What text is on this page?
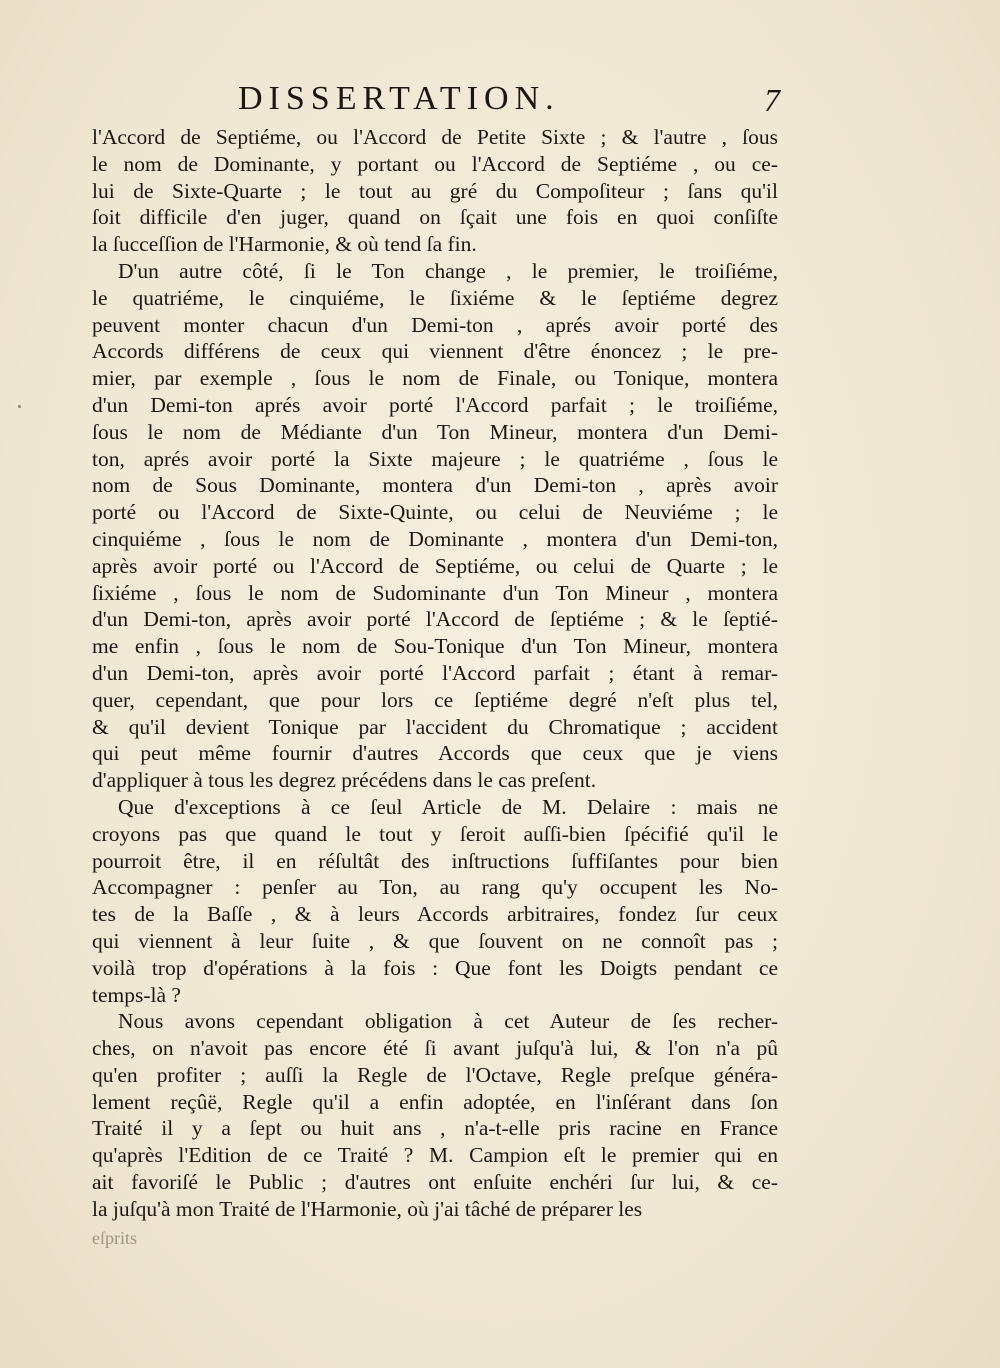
DISSERTATION.	7
l'Accord de Septiéme, ou l'Accord de Petite Sixte ; & l'autre , ſous
le nom de Dominante, y portant ou l'Accord de Septiéme , ou ce-
lui de Sixte-Quarte ; le tout au gré du Compoſiteur ; ſans qu'il
ſoit difficile d'en juger, quand on ſçait une fois en quoi conſiſte
la ſucceſſion de l'Harmonie, & où tend ſa fin.
D'un autre côté, ſi le Ton change , le premier, le troiſiéme,
le quatriéme, le cinquiéme, le ſixiéme & le ſeptiéme degrez
peuvent monter chacun d'un Demi-ton , aprés avoir porté des
Accords différens de ceux qui viennent d'être énoncez ; le pre-
mier, par exemple , ſous le nom de Finale, ou Tonique, montera
d'un Demi-ton aprés avoir porté l'Accord parfait ; le troiſiéme,
ſous le nom de Médiante d'un Ton Mineur, montera d'un Demi-
ton, aprés avoir porté la Sixte majeure ; le quatriéme , ſous le
nom de Sous Dominante, montera d'un Demi-ton , après avoir
porté ou l'Accord de Sixte-Quinte, ou celui de Neuviéme ; le
cinquiéme , ſous le nom de Dominante , montera d'un Demi-ton,
après avoir porté ou l'Accord de Septiéme, ou celui de Quarte ; le
ſixiéme , ſous le nom de Sudominante d'un Ton Mineur , montera
d'un Demi-ton, après avoir porté l'Accord de ſeptiéme ; & le ſeptié-
me enfin , ſous le nom de Sou-Tonique d'un Ton Mineur, montera
d'un Demi-ton, après avoir porté l'Accord parfait ; étant à remar-
quer, cependant, que pour lors ce ſeptiéme degré n'eſt plus tel,
& qu'il devient Tonique par l'accident du Chromatique ; accident
qui peut même fournir d'autres Accords que ceux que je viens
d'appliquer à tous les degrez précédens dans le cas preſent.
Que d'exceptions à ce ſeul Article de M. Delaire : mais ne
croyons pas que quand le tout y ſeroit auſſi-bien ſpécifié qu'il le
pourroit être, il en réſultât des inſtructions ſuffiſantes pour bien
Accompagner : penſer au Ton, au rang qu'y occupent les No-
tes de la Baſſe , & à leurs Accords arbitraires, fondez ſur ceux
qui viennent à leur ſuite , & que ſouvent on ne connoît pas ;
voilà trop d'opérations à la fois : Que font les Doigts pendant ce
temps-là ?
Nous avons cependant obligation à cet Auteur de ſes recher-
ches, on n'avoit pas encore été ſi avant juſqu'à lui, & l'on n'a pû
qu'en profiter ; auſſi la Regle de l'Octave, Regle preſque généra-
lement reçûë, Regle qu'il a enfin adoptée, en l'inſérant dans ſon
Traité il y a ſept ou huit ans , n'a-t-elle pris racine en France
qu'après l'Edition de ce Traité ? M. Campion eſt le premier qui en
ait favoriſé le Public ; d'autres ont enſuite enchéri ſur lui, & ce-
la juſqu'à mon Traité de l'Harmonie, où j'ai tâché de préparer les
eſprits
